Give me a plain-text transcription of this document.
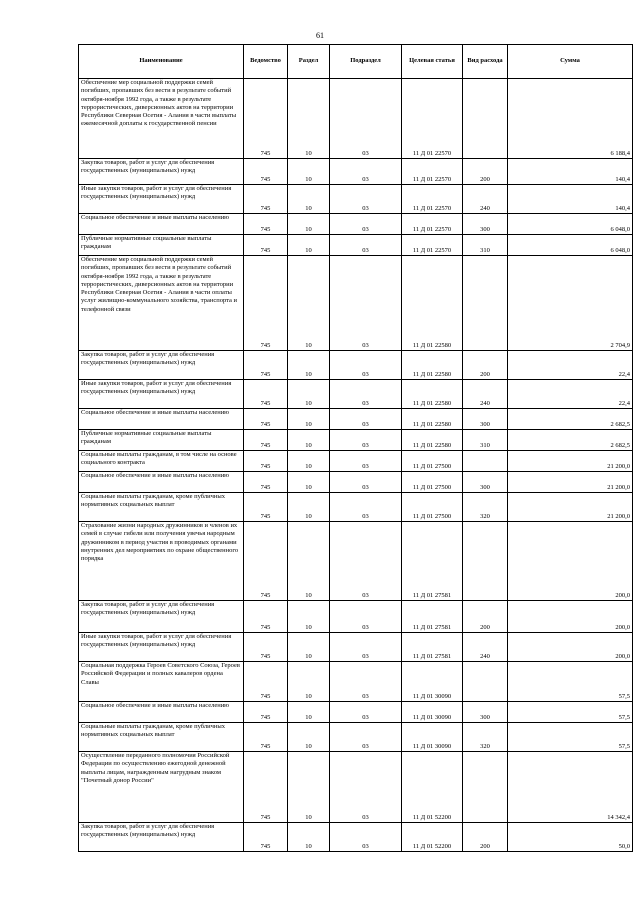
61
Наименование	Ведомство	Раздел	Подраздел	Целевая статья	Вид расхода	Сумма
Обеспечение мер социальной поддержки семей погибших, пропавших без вести в результате событий октября-ноября 1992 года, а также в результате террористических, диверсионных актов на территории Республики Северная Осетия - Алания в части выплаты ежемесячной доплаты к государственной пенсии	745	10	03	11 Д 01 22570		6 188,4
Закупка товаров, работ и услуг для обеспечения государственных (муниципальных) нужд	745	10	03	11 Д 01 22570	200	140,4
Иные закупки товаров, работ и услуг для обеспечения государственных (муниципальных) нужд	745	10	03	11 Д 01 22570	240	140,4
Социальное обеспечение и иные выплаты населению	745	10	03	11 Д 01 22570	300	6 048,0
Публичные нормативные социальные выплаты гражданам	745	10	03	11 Д 01 22570	310	6 048,0
Обеспечение мер социальной поддержки семей погибших, пропавших без вести в результате событий октября-ноября 1992 года, а также в результате террористических, диверсионных актов на территории Республики Северная Осетия - Алания в части оплаты услуг жилищно-коммунального хозяйства, транспорта и телефонной связи	745	10	03	11 Д 01 22580		2 704,9
Закупка товаров, работ и услуг для обеспечения государственных (муниципальных) нужд	745	10	03	11 Д 01 22580	200	22,4
Иные закупки товаров, работ и услуг для обеспечения государственных (муниципальных) нужд	745	10	03	11 Д 01 22580	240	22,4
Социальное обеспечение и иные выплаты населению	745	10	03	11 Д 01 22580	300	2 682,5
Публичные нормативные социальные выплаты гражданам	745	10	03	11 Д 01 22580	310	2 682,5
Социальные выплаты гражданам, в том числе на основе социального контракта	745	10	03	11 Д 01 27500		21 200,0
Социальное обеспечение и иные выплаты населению	745	10	03	11 Д 01 27500	300	21 200,0
Социальные выплаты гражданам, кроме публичных нормативных социальных выплат	745	10	03	11 Д 01 27500	320	21 200,0
Страхование жизни народных дружинников и членов их семей в случае гибели или получения увечья народным дружинником в период участия в проводимых органами внутренних дел мероприятиях по охране общественного порядка	745	10	03	11 Д 01 27581		200,0
Закупка товаров, работ и услуг для обеспечения государственных (муниципальных) нужд	745	10	03	11 Д 01 27581	200	200,0
Иные закупки товаров, работ и услуг для обеспечения государственных (муниципальных) нужд	745	10	03	11 Д 01 27581	240	200,0
Социальная поддержка Героев Советского Союза, Героев Российской Федерации и полных кавалеров ордена Славы	745	10	03	11 Д 01 30090		57,5
Социальное обеспечение и иные выплаты населению	745	10	03	11 Д 01 30090	300	57,5
Социальные выплаты гражданам, кроме публичных нормативных социальных выплат	745	10	03	11 Д 01 30090	320	57,5
Осуществление переданного полномочия Российской Федерации по осуществлению ежегодной денежной выплаты лицам, награжденным нагрудным знаком "Почетный донор России"	745	10	03	11 Д 01 52200		14 342,4
Закупка товаров, работ и услуг для обеспечения государственных (муниципальных) нужд	745	10	03	11 Д 01 52200	200	50,0
